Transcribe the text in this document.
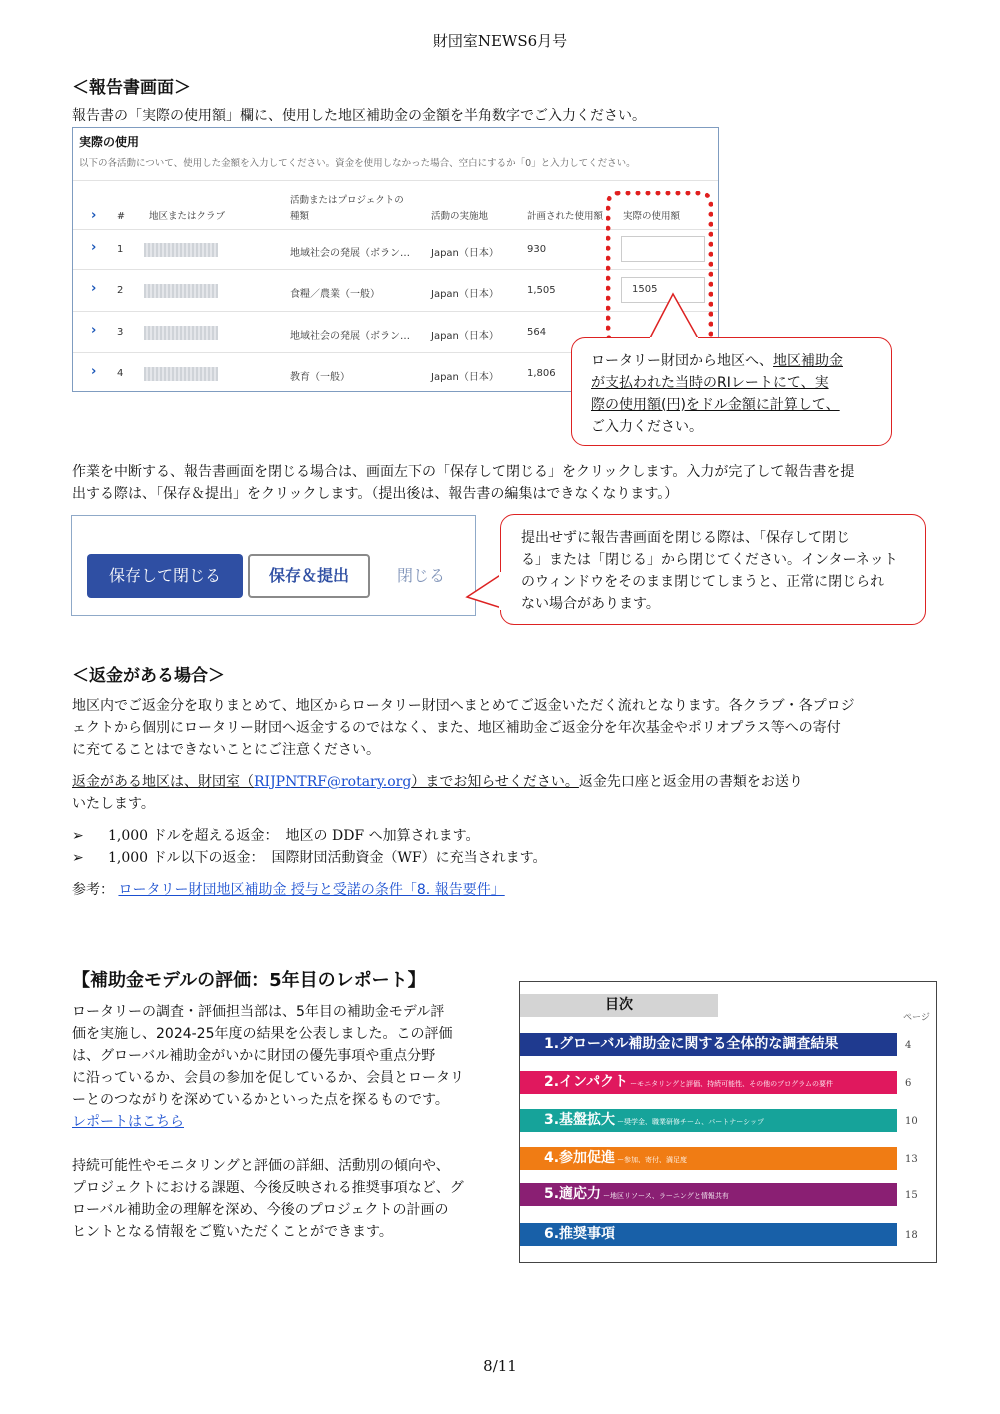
財団室NEWS6月号
＜報告書画面＞
報告書の「実際の使用額」欄に、使用した地区補助金の金額を半角数字でご入力ください。
実際の使用
以下の各活動について、使用した金額を入力してください。資金を使用しなかった場合、空白にするか「0」と入力してください。
› #	地区またはクラブ
活動またはプロジェクトの
種類	活動の実施地	計画された使用額 実際の使用額
› 1	地域社会の発展（ボラン… Japan（日本）	930
› 2	食糧／農業（一般）	Japan（日本）	1,505	1505
› 3	地域社会の発展（ボラン… Japan（日本）	564
› 4	教育（一般）	Japan（日本）	1,806
ロータリー財団から地区へ、地区補助金
が支払われた当時のRIレートにて、実
際の使用額(円)をドル金額に計算して、
ご入力ください。
作業を中断する、報告書画面を閉じる場合は、画面左下の「保存して閉じる」をクリックします。入力が完了して報告書を提
出する際は、「保存＆提出」をクリックします。（提出後は、報告書の編集はできなくなります。）
保存して閉じる	保存＆提出	閉じる
提出せずに報告書画面を閉じる際は、「保存して閉じ
る」または「閉じる」から閉じてください。インターネット
のウィンドウをそのまま閉じてしまうと、正常に閉じられ
ない場合があります。
＜返金がある場合＞
地区内でご返金分を取りまとめて、地区からロータリー財団へまとめてご返金いただく流れとなります。各クラブ・各プロジ
ェクトから個別にロータリー財団へ返金するのではなく、また、地区補助金ご返金分を年次基金やポリオプラス等への寄付
に充てることはできないことにご注意ください。
返金がある地区は、財団室（RIJPNTRF@rotary.org）までお知らせください。返金先口座と返金用の書類をお送り
いたします。
➢ 1,000 ドルを超える返金：　地区の DDF へ加算されます。
➢ 1,000 ドル以下の返金：　国際財団活動資金（WF）に充当されます。
参考： ロータリー財団地区補助金 授与と受諾の条件「8. 報告要件」
【補助金モデルの評価：5年目のレポート】
ロータリーの調査・評価担当部は、5年目の補助金モデル評
価を実施し、2024-25年度の結果を公表しました。この評価
は、グローバル補助金がいかに財団の優先事項や重点分野
に沿っているか、会員の参加を促しているか、会員とロータリ
ーとのつながりを深めているかといった点を探るものです。
レポートはこちら
持続可能性やモニタリングと評価の詳細、活動別の傾向や、
プロジェクトにおける課題、今後反映される推奨事項など、グ
ローバル補助金の理解を深め、今後のプロジェクトの計画の
ヒントとなる情報をご覧いただくことができます。
目次
ページ
1.グローバル補助金に関する全体的な調査結果	4
2.インパクト ーモニタリングと評価、持続可能性、その他のプログラムの要件	6
3.基盤拡大 ー奨学金、職業研修チーム、パートナーシップ	10
4.参加促進 ー参加、寄付、満足度	13
5.適応力 ー地区リソース、ラーニングと情報共有	15
6.推奨事項	18
8/11
